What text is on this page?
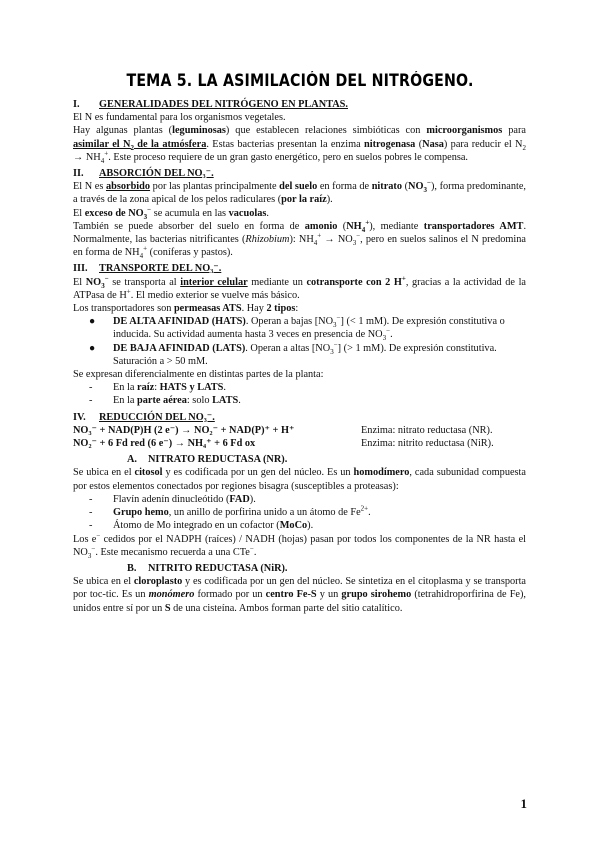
TEMA 5. LA ASIMILACIÓN DEL NITRÓGENO.
I. GENERALIDADES DEL NITRÓGENO EN PLANTAS.

El N es fundamental para los organismos vegetales.

Hay algunas plantas (leguminosas) que establecen relaciones simbióticas con microorganismos para asimilar el $N_2$ de la atmósfera. Estas bacterias presentan la enzima nitrogenasa (Nasa) para reducir el $N_2 \to NH_4^+$. Este proceso requiere de un gran gasto energético, pero en suelos pobres le compensa.

II. ABSORCIÓN DEL NO₃⁻.

El N es absorbido por las plantas principalmente del suelo en forma de nitrato $(NO_3^-)$, forma predominante, a través de la zona apical de los pelos radiculares (por la raíz).

El exceso de $NO_3^-$ se acumula en las vacuolas.

También se puede absorber del suelo en forma de amonio $(NH_4^+)$, mediante transportadores AMT. Normalmente, las bacterias nitrificantes (Rhizobium): $NH_4^+ \to NO_3^-$, pero en suelos salinos el N predomina en forma de $NH_4^+$ (coníferas y pastos).

III. TRANSPORTE DEL NO₃⁻.

El $NO_3^-$ se transporta al interior celular mediante un cotransporte con 2 H+, gracias a la actividad de la ATPasa de H+. El medio exterior se vuelve más básico.

Los transportadores son permeasas ATS. Hay 2 tipos:

● DE ALTA AFINIDAD (HATS). Operan a bajas $[NO_3^-]$ (< 1 mM). De expresión constitutiva o inducida. Su actividad aumenta hasta 3 veces en presencia de $NO_3^-$.
● DE BAJA AFINIDAD (LATS). Operan a altas $[NO_3^-]$ (> 1 mM). De expresión constitutiva. Saturación a > 50 mM.

Se expresan diferencialmente en distintas partes de la planta:

- En la raíz: HATS y LATS.
- En la parte aérea: solo LATS.
IV. REDUCCIÓN DEL NO₃⁻.
NO₃⁻ + NAD(P)H (2 e⁻) → NO₂⁻ + NAD(P)⁺ + H⁺	Enzima: nitrato reductasa (NR).
NO₂⁻ + 6 Fd red (6 e⁻) → NH₄⁺ + 6 Fd ox	Enzima: nitrito reductasa (NiR).
A. NITRATO REDUCTASA (NR).

Se ubica en el citosol y es codificada por un gen del núcleo. Es un homodímero, cada subunidad compuesta por estos elementos conectados por regiones bisagra (susceptibles a proteasas):

- Flavín adenín dinucleótido (FAD).
- Grupo hemo, un anillo de porfirina unido a un átomo de $Fe^{2+}$.
- Átomo de Mo integrado en un cofactor (MoCo).

Los e− cedidos por el NADPH (raíces) / NADH (hojas) pasan por todos los componentes de la NR hasta el $NO_3^-$. Este mecanismo recuerda a una CTe−.

B. NITRITO REDUCTASA (NiR).

Se ubica en el cloroplasto y es codificada por un gen del núcleo. Se sintetiza en el citoplasma y se transporta por toc-tic. Es un monómero formado por un centro Fe-S y un grupo sirohemo (tetrahidroporfirina de Fe), unidos entre sí por un S de una cisteína. Ambos forman parte del sitio catalítico.

1
